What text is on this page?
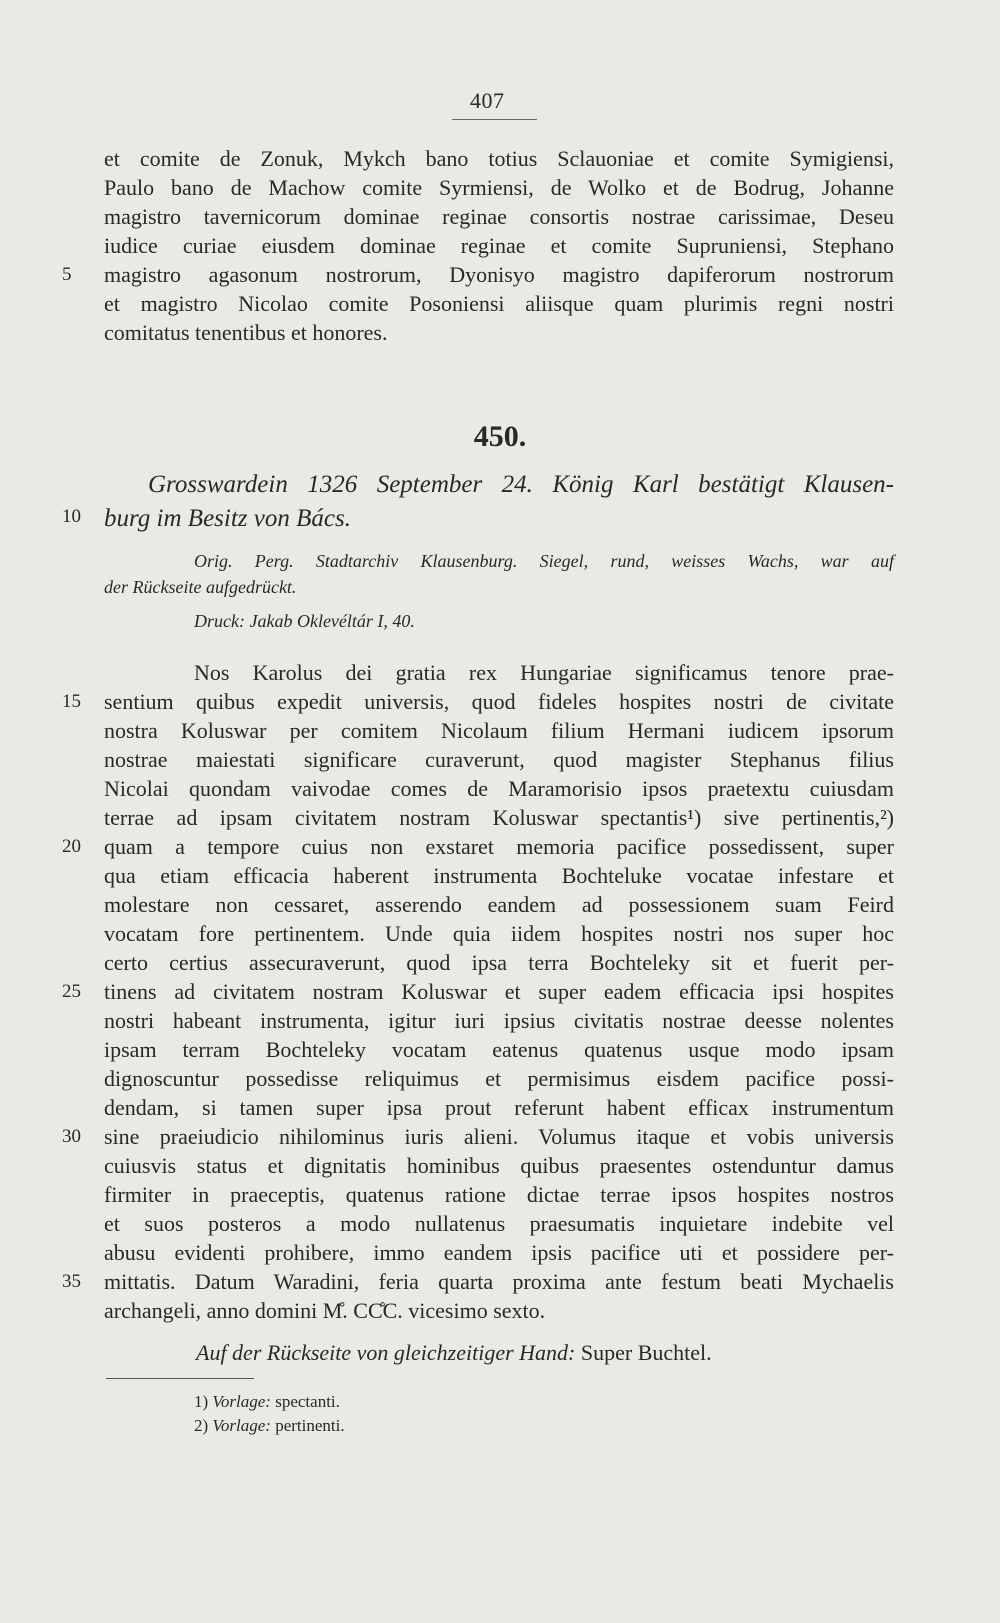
407
et comite de Zonuk, Mykch bano totius Sclauoniae et comite Symigiensi,
Paulo bano de Machow comite Syrmiensi, de Wolko et de Bodrug, Johanne
magistro tavernicorum dominae reginae consortis nostrae carissimae, Deseu
iudice curiae eiusdem dominae reginae et comite Supruniensi, Stephano
magistro agasonum nostrorum, Dyonisyo magistro dapiferorum nostrorum
et magistro Nicolao comite Posoniensi aliisque quam plurimis regni nostri
comitatus tenentibus et honores.
5
10
15
20
25
30
35
450.
Grosswardein 1326 September 24. König Karl bestätigt Klausen-
burg im Besitz von Bács.
Orig. Perg. Stadtarchiv Klausenburg. Siegel, rund, weisses Wachs, war auf
der Rückseite aufgedrückt.
Druck: Jakab Oklevéltár I, 40.
Nos Karolus dei gratia rex Hungariae significamus tenore prae-
sentium quibus expedit universis, quod fideles hospites nostri de civitate
nostra Koluswar per comitem Nicolaum filium Hermani iudicem ipsorum
nostrae maiestati significare curaverunt, quod magister Stephanus filius
Nicolai quondam vaivodae comes de Maramorisio ipsos praetextu cuiusdam
terrae ad ipsam civitatem nostram Koluswar spectantis¹) sive pertinentis,²)
quam a tempore cuius non exstaret memoria pacifice possedissent, super
qua etiam efficacia haberent instrumenta Bochteluke vocatae infestare et
molestare non cessaret, asserendo eandem ad possessionem suam Feird
vocatam fore pertinentem. Unde quia iidem hospites nostri nos super hoc
certo certius assecuraverunt, quod ipsa terra Bochteleky sit et fuerit per-
tinens ad civitatem nostram Koluswar et super eadem efficacia ipsi hospites
nostri habeant instrumenta, igitur iuri ipsius civitatis nostrae deesse nolentes
ipsam terram Bochteleky vocatam eatenus quatenus usque modo ipsam
dignoscuntur possedisse reliquimus et permisimus eisdem pacifice possi-
dendam, si tamen super ipsa prout referunt habent efficax instrumentum
sine praeiudicio nihilominus iuris alieni. Volumus itaque et vobis universis
cuiusvis status et dignitatis hominibus quibus praesentes ostenduntur damus
firmiter in praeceptis, quatenus ratione dictae terrae ipsos hospites nostros
et suos posteros a modo nullatenus praesumatis inquietare indebite vel
abusu evidenti prohibere, immo eandem ipsis pacifice uti et possidere per-
mittatis. Datum Waradini, feria quarta proxima ante festum beati Mychaelis
archangeli, anno domini M̊. CC̊C. vicesimo sexto.
Auf der Rückseite von gleichzeitiger Hand: Super Buchtel.
1) Vorlage: spectanti.
2) Vorlage: pertinenti.
